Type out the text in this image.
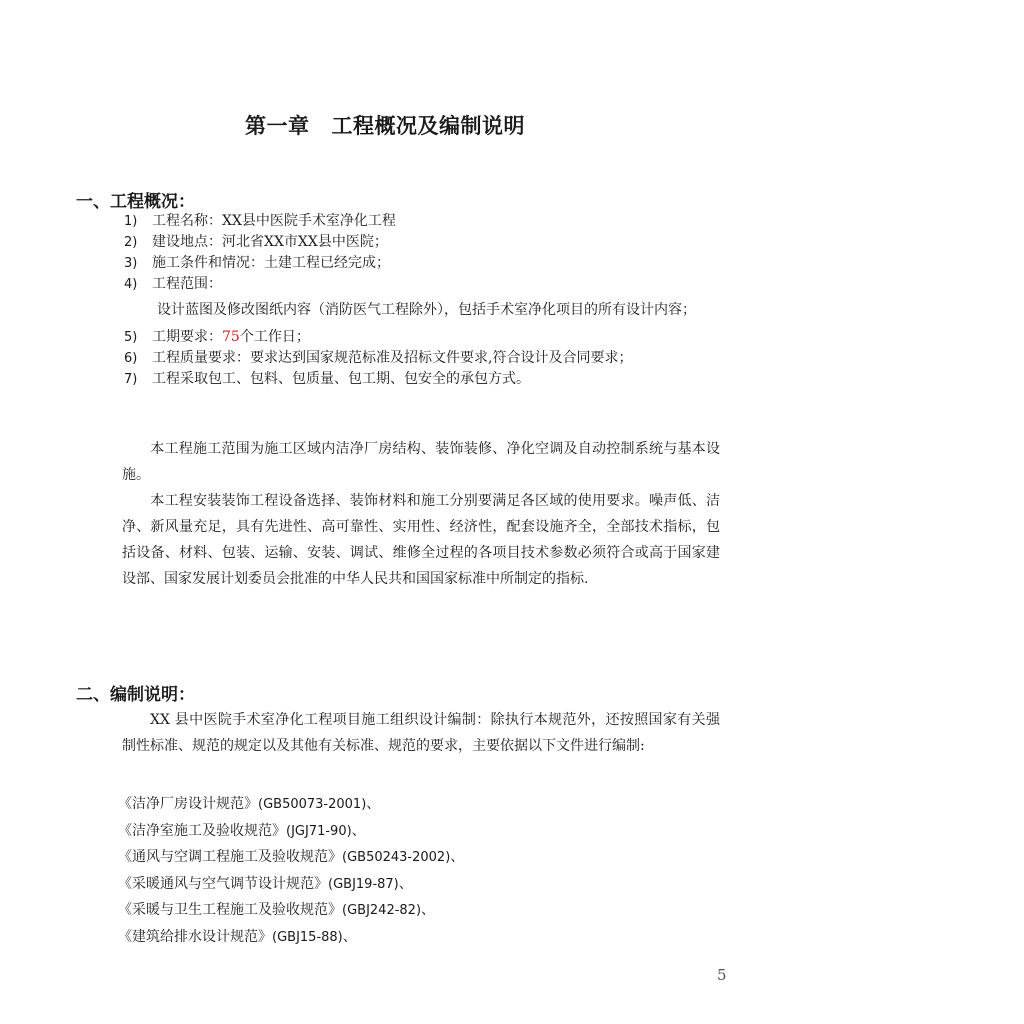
第一章 工程概况及编制说明
一、工程概况：
1) 工程名称：XX县中医院手术室净化工程
2) 建设地点：河北省XX市XX县中医院；
3) 施工条件和情况：土建工程已经完成；
4) 工程范围：
设计蓝图及修改图纸内容（消防医气工程除外），包括手术室净化项目的所有设计内容；
5) 工期要求：75个工作日；
6) 工程质量要求：要求达到国家规范标准及招标文件要求,符合设计及合同要求；
7) 工程采取包工、包料、包质量、包工期、包安全的承包方式。

本工程施工范围为施工区域内洁净厂房结构、装饰装修、净化空调及自动控制系统与基本设施。

本工程安装装饰工程设备选择、装饰材料和施工分别要满足各区域的使用要求。噪声低、洁净、新风量充足，具有先进性、高可靠性、实用性、经济性，配套设施齐全，全部技术指标，包括设备、材料、包装、运输、安装、调试、维修全过程的各项目技术参数必须符合或高于国家建设部、国家发展计划委员会批准的中华人民共和国国家标准中所制定的指标.

二、编制说明：

XX 县中医院手术室净化工程项目施工组织设计编制：除执行本规范外，还按照国家有关强制性标准、规范的规定以及其他有关标准、规范的要求，主要依据以下文件进行编制:

《洁净厂房设计规范》(GB50073-2001)、
《洁净室施工及验收规范》(JGJ71-90)、
《通风与空调工程施工及验收规范》(GB50243-2002)、
《采暖通风与空气调节设计规范》(GBJ19-87)、
《采暖与卫生工程施工及验收规范》(GBJ242-82)、
《建筑给排水设计规范》(GBJ15-88)、
5
